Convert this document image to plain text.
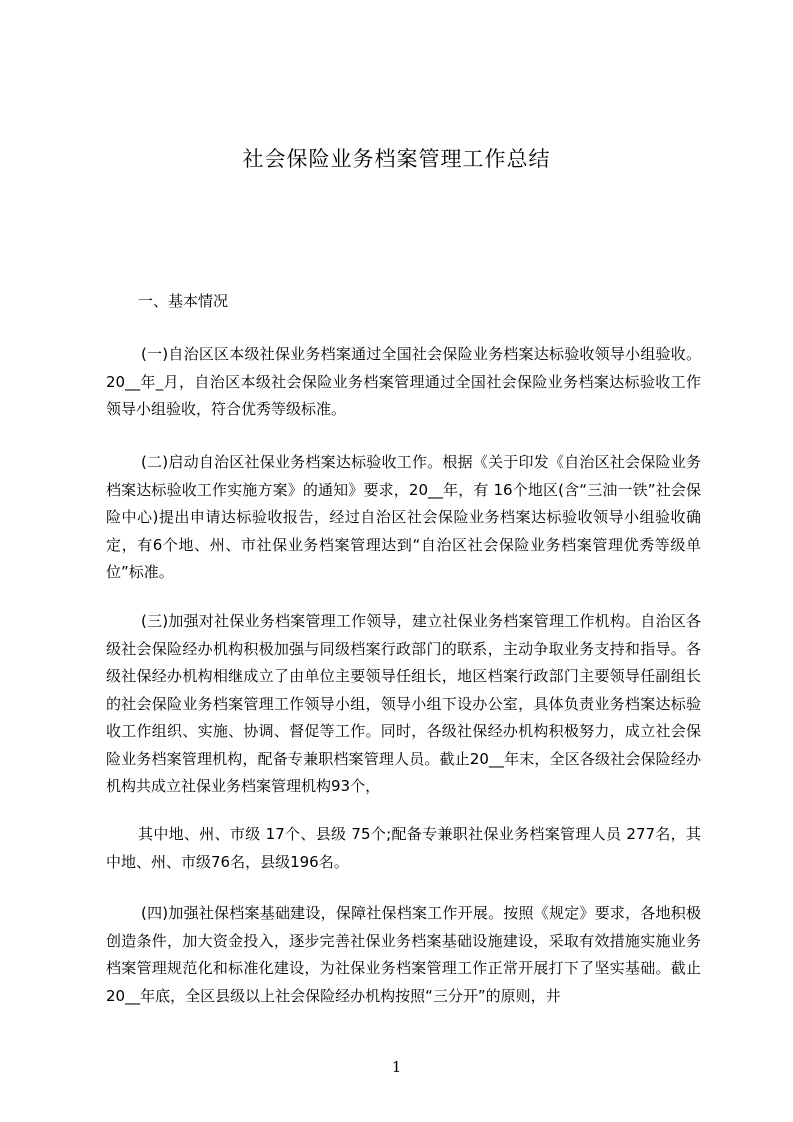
社会保险业务档案管理工作总结
一、基本情况

(一)自治区区本级社保业务档案通过全国社会保险业务档案达标验收领导小组验收。20__年_月，自治区本级社会保险业务档案管理通过全国社会保险业务档案达标验收工作领导小组验收，符合优秀等级标准。

(二)启动自治区社保业务档案达标验收工作。根据《关于印发《自治区社会保险业务档案达标验收工作实施方案》的通知》要求，20__年，有 16个地区(含“三油一铁”社会保险中心)提出申请达标验收报告，经过自治区社会保险业务档案达标验收领导小组验收确定，有6个地、州、市社保业务档案管理达到“自治区社会保险业务档案管理优秀等级单位”标准。

(三)加强对社保业务档案管理工作领导，建立社保业务档案管理工作机构。自治区各级社会保险经办机构积极加强与同级档案行政部门的联系，主动争取业务支持和指导。各级社保经办机构相继成立了由单位主要领导任组长，地区档案行政部门主要领导任副组长的社会保险业务档案管理工作领导小组，领导小组下设办公室，具体负责业务档案达标验收工作组织、实施、协调、督促等工作。同时，各级社保经办机构积极努力，成立社会保险业务档案管理机构，配备专兼职档案管理人员。截止20__年末，全区各级社会保险经办机构共成立社保业务档案管理机构93个，

其中地、州、市级 17个、县级 75个;配备专兼职社保业务档案管理人员 277名，其中地、州、市级76名，县级196名。

(四)加强社保档案基础建设，保障社保档案工作开展。按照《规定》要求，各地积极创造条件，加大资金投入，逐步完善社保业务档案基础设施建设，采取有效措施实施业务档案管理规范化和标准化建设，为社保业务档案管理工作正常开展打下了坚实基础。截止20__年底，全区县级以上社会保险经办机构按照“三分开”的原则，井

1
